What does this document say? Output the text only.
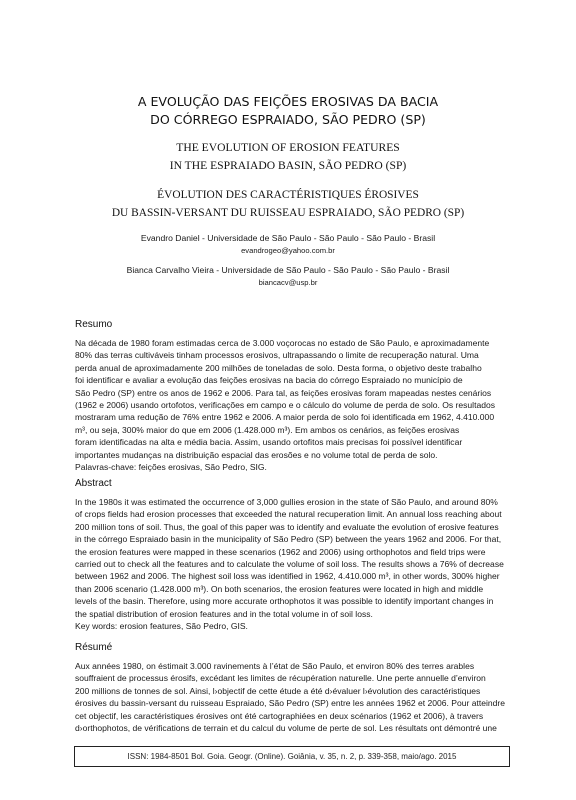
A EVOLUÇÃO DAS FEIÇÕES EROSIVAS DA BACIA
DO CÓRREGO ESPRAIADO, SÃO PEDRO (SP)
THE EVOLUTION OF EROSION FEATURES
IN THE ESPRAIADO BASIN, SÃO PEDRO (SP)
ÉVOLUTION DES CARACTÉRISTIQUES ÉROSIVES
DU BASSIN-VERSANT DU RUISSEAU ESPRAIADO, SÃO PEDRO (SP)
Evandro Daniel - Universidade de São Paulo - São Paulo - São Paulo - Brasil
evandrogeo@yahoo.com.br
Bianca Carvalho Vieira - Universidade de São Paulo - São Paulo - São Paulo - Brasil
biancacv@usp.br
Resumo

Na década de 1980 foram estimadas cerca de 3.000 voçorocas no estado de São Paulo, e aproximadamente
80% das terras cultiváveis tinham processos erosivos, ultrapassando o limite de recuperação natural. Uma
perda anual de aproximadamente 200 milhões de toneladas de solo. Desta forma, o objetivo deste trabalho
foi identificar e avaliar a evolução das feições erosivas na bacia do córrego Espraiado no município de
São Pedro (SP) entre os anos de 1962 e 2006. Para tal, as feições erosivas foram mapeadas nestes cenários
(1962 e 2006) usando ortofotos, verificações em campo e o cálculo do volume de perda de solo. Os resultados
mostraram uma redução de 76% entre 1962 e 2006. A maior perda de solo foi identificada em 1962, 4.410.000
m³, ou seja, 300% maior do que em 2006 (1.428.000 m³). Em ambos os cenários, as feições erosivas
foram identificadas na alta e média bacia. Assim, usando ortofitos mais precisas foi possível identificar
importantes mudanças na distribuição espacial das erosões e no volume total de perda de solo.

Palavras-chave: feições erosivas, São Pedro, SIG.

Abstract

In the 1980s it was estimated the occurrence of 3,000 gullies erosion in the state of São Paulo, and around 80%
of crops fields had erosion processes that exceeded the natural recuperation limit. An annual loss reaching about
200 million tons of soil. Thus, the goal of this paper was to identify and evaluate the evolution of erosive features
in the córrego Espraiado basin in the municipality of São Pedro (SP) between the years 1962 and 2006. For that,
the erosion features were mapped in these scenarios (1962 and 2006) using orthophotos and field trips were
carried out to check all the features and to calculate the volume of soil loss. The results shows a 76% of decrease
between 1962 and 2006. The highest soil loss was identified in 1962, 4.410.000 m³, in other words, 300% higher
than 2006 scenario (1.428.000 m³). On both scenarios, the erosion features were located in high and middle
levels of the basin. Therefore, using more accurate orthophotos it was possible to identify important changes in
the spatial distribution of erosion features and in the total volume in of soil loss.

Key words: erosion features, São Pedro, GIS.

Résumé

Aux années 1980, on éstimait 3.000 ravinements à l’état de São Paulo, et environ 80% des terres arables
souffraient de processus érosifs, excédant les limites de récupération naturelle. Une perte annuelle d’environ
200 millions de tonnes de sol. Ainsi, l›objectif de cette étude a été d›évaluer l›évolution des caractéristiques
érosives du bassin-versant du ruisseau Espraiado, São Pedro (SP) entre les années 1962 et 2006. Pour atteindre
cet objectif, les caractéristiques érosives ont été cartographiées en deux scénarios (1962 et 2006), à travers
d›orthophotos, de vérifications de terrain et du calcul du volume de perte de sol. Les résultats ont démontré une

ISSN: 1984-8501 Bol. Goia. Geogr. (Online). Goiânia, v. 35, n. 2, p. 339-358, maio/ago. 2015
